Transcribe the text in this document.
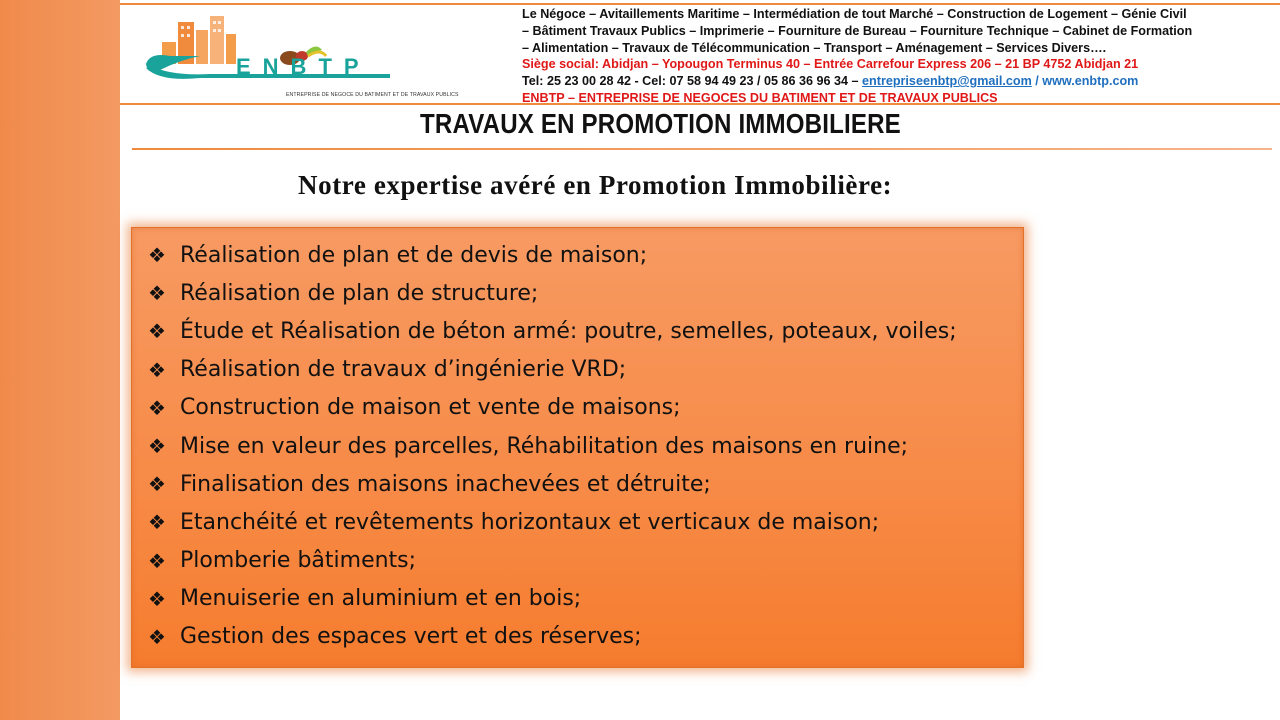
ENBTP
ENTREPRISE DE NEGOCE DU BATIMENT ET DE TRAVAUX PUBLICS
Le Négoce – Avitaillements Maritime – Intermédiation de tout Marché – Construction de Logement – Génie Civil
– Bâtiment Travaux Publics – Imprimerie – Fourniture de Bureau – Fourniture Technique – Cabinet de Formation
– Alimentation – Travaux de Télécommunication – Transport – Aménagement – Services Divers….
Siège social: Abidjan – Yopougon Terminus 40 – Entrée Carrefour Express 206 – 21 BP 4752 Abidjan 21
Tel: 25 23 00 28 42 - Cel: 07 58 94 49 23 / 05 86 36 96 34 – entrepriseenbtp@gmail.com / www.enbtp.com
ENBTP – ENTREPRISE DE NEGOCES DU BATIMENT ET DE TRAVAUX PUBLICS
TRAVAUX EN PROMOTION IMMOBILIERE
Notre expertise avéré en Promotion Immobilière:
❖ Réalisation de plan et de devis de maison;
❖ Réalisation de plan de structure;
❖ Étude et Réalisation de béton armé: poutre, semelles, poteaux, voiles;
❖ Réalisation de travaux d’ingénierie VRD;
❖ Construction de maison et vente de maisons;
❖ Mise en valeur des parcelles, Réhabilitation des maisons en ruine;
❖ Finalisation des maisons inachevées et détruite;
❖ Etanchéité et revêtements horizontaux et verticaux de maison;
❖ Plomberie bâtiments;
❖ Menuiserie en aluminium et en bois;
❖ Gestion des espaces vert et des réserves;
